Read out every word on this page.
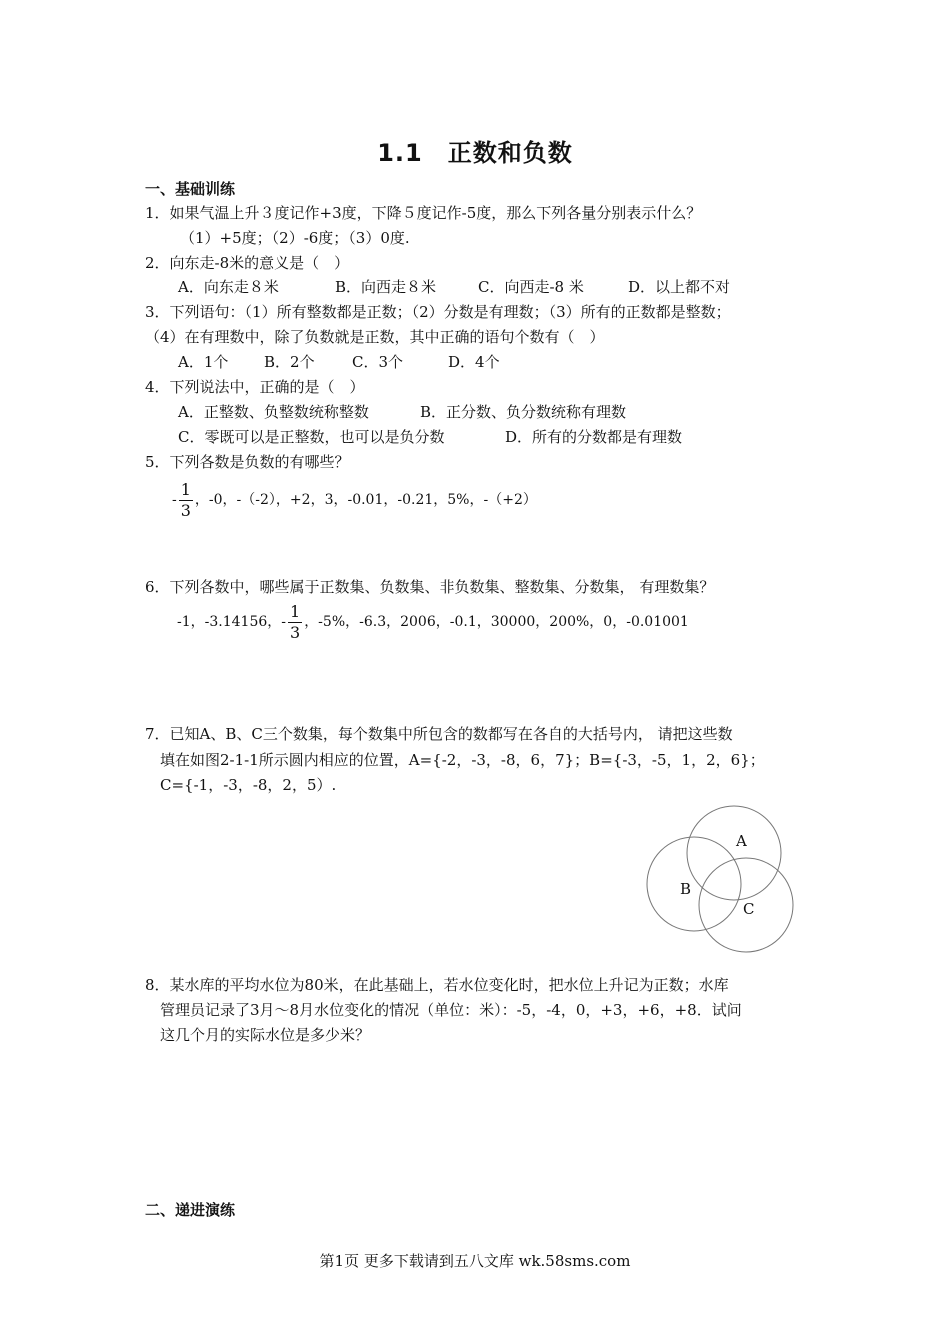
1.1　正数和负数
一、基础训练
1．如果气温上升３度记作+3度，下降５度记作-5度，那么下列各量分别表示什么？
（1）+5度；（2）-6度；（3）0度.
2．向东走-8米的意义是（　）
A．向东走８米	B．向西走８米	C．向西走-8 米	D．以上都不对
3．下列语句：（1）所有整数都是正数；（2）分数是有理数；（3）所有的正数都是整数；
（4）在有理数中，除了负数就是正数，其中正确的语句个数有（　）
A．1个 B．2个 C．3个	D．4个
4．下列说法中，正确的是（　）
A．正整数、负整数统称整数	B．正分数、负分数统称有理数
C．零既可以是正整数，也可以是负分数	D．所有的分数都是有理数
5．下列各数是负数的有哪些？
- $\frac{1}{3}$ ，-0，-（-2），+2，3，-0.01，-0.21，5%，-（+2）
6．下列各数中，哪些属于正数集、负数集、非负数集、整数集、分数集， 有理数集？
-1，-3.14156，- $\frac{1}{3}$ ，-5%，-6.3，2006，-0.1，30000，200%，0，-0.01001
7．已知A、B、C三个数集，每个数集中所包含的数都写在各自的大括号内， 请把这些数
填在如图2-1-1所示圆内相应的位置，A={-2，-3，-8，6，7}；B={-3，-5，1，2，6}；
C={-1，-3，-8，2，5）.
A
B
C
8．某水库的平均水位为80米，在此基础上，若水位变化时，把水位上升记为正数；水库
管理员记录了3月～8月水位变化的情况（单位：米）：-5，-4，0，+3，+6，+8．试问
这几个月的实际水位是多少米？
二、递进演练
第1页 更多下载请到五八文库 wk.58sms.com
